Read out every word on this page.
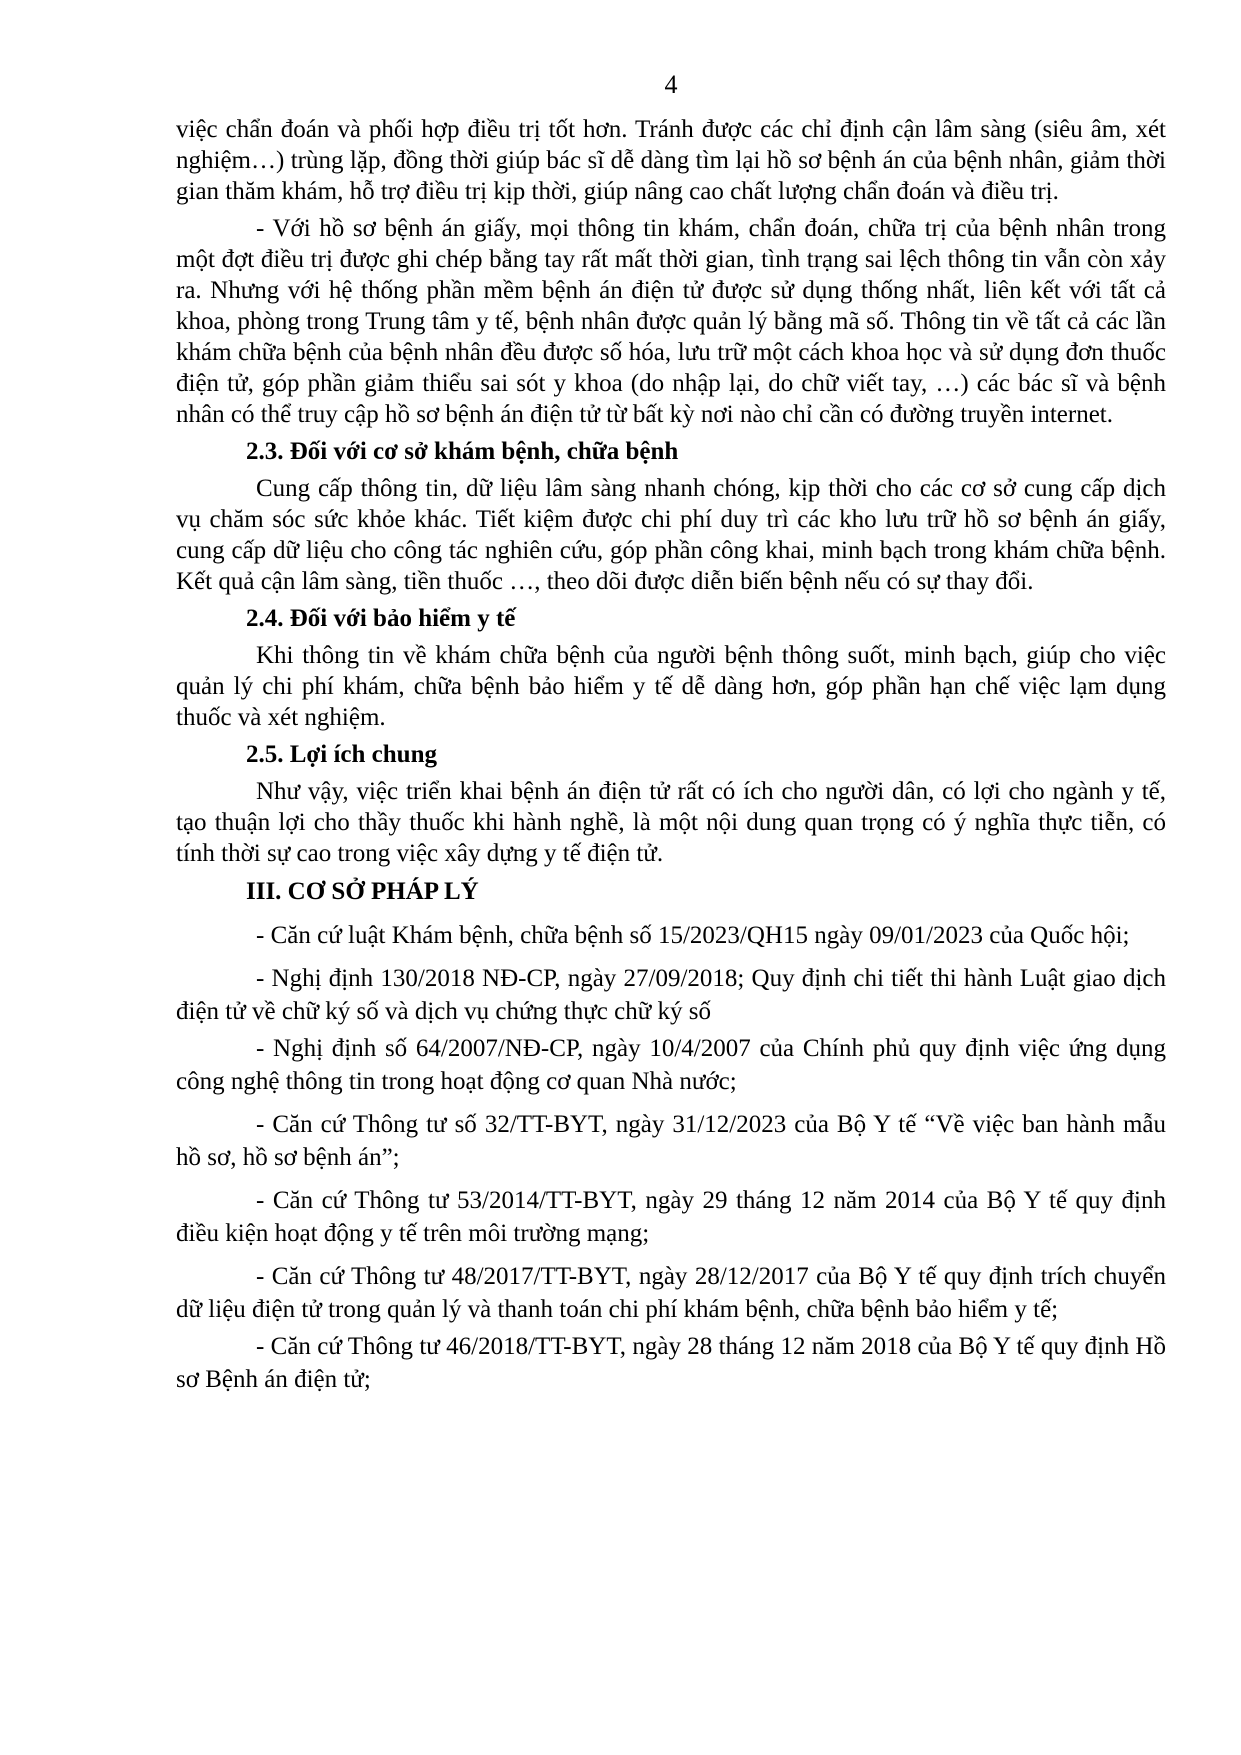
4

việc chẩn đoán và phối hợp điều trị tốt hơn. Tránh được các chỉ định cận lâm sàng (siêu âm, xét nghiệm…) trùng lặp, đồng thời giúp bác sĩ dễ dàng tìm lại hồ sơ bệnh án của bệnh nhân, giảm thời gian thăm khám, hỗ trợ điều trị kịp thời, giúp nâng cao chất lượng chẩn đoán và điều trị.

- Với hồ sơ bệnh án giấy, mọi thông tin khám, chẩn đoán, chữa trị của bệnh nhân trong một đợt điều trị được ghi chép bằng tay rất mất thời gian, tình trạng sai lệch thông tin vẫn còn xảy ra. Nhưng với hệ thống phần mềm bệnh án điện tử được sử dụng thống nhất, liên kết với tất cả khoa, phòng trong Trung tâm y tế, bệnh nhân được quản lý bằng mã số. Thông tin về tất cả các lần khám chữa bệnh của bệnh nhân đều được số hóa, lưu trữ một cách khoa học và sử dụng đơn thuốc điện tử, góp phần giảm thiểu sai sót y khoa (do nhập lại, do chữ viết tay, …) các bác sĩ và bệnh nhân có thể truy cập hồ sơ bệnh án điện tử từ bất kỳ nơi nào chỉ cần có đường truyền internet.

2.3. Đối với cơ sở khám bệnh, chữa bệnh

Cung cấp thông tin, dữ liệu lâm sàng nhanh chóng, kịp thời cho các cơ sở cung cấp dịch vụ chăm sóc sức khỏe khác. Tiết kiệm được chi phí duy trì các kho lưu trữ hồ sơ bệnh án giấy, cung cấp dữ liệu cho công tác nghiên cứu, góp phần công khai, minh bạch trong khám chữa bệnh. Kết quả cận lâm sàng, tiền thuốc …, theo dõi được diễn biến bệnh nếu có sự thay đổi.

2.4. Đối với bảo hiểm y tế

Khi thông tin về khám chữa bệnh của người bệnh thông suốt, minh bạch, giúp cho việc quản lý chi phí khám, chữa bệnh bảo hiểm y tế dễ dàng hơn, góp phần hạn chế việc lạm dụng thuốc và xét nghiệm.

2.5. Lợi ích chung

Như vậy, việc triển khai bệnh án điện tử rất có ích cho người dân, có lợi cho ngành y tế, tạo thuận lợi cho thầy thuốc khi hành nghề, là một nội dung quan trọng có ý nghĩa thực tiễn, có tính thời sự cao trong việc xây dựng y tế điện tử.

III. CƠ SỞ PHÁP LÝ

- Căn cứ luật Khám bệnh, chữa bệnh số 15/2023/QH15 ngày 09/01/2023 của Quốc hội;

- Nghị định 130/2018 NĐ-CP, ngày 27/09/2018; Quy định chi tiết thi hành Luật giao dịch điện tử về chữ ký số và dịch vụ chứng thực chữ ký số

- Nghị định số 64/2007/NĐ-CP, ngày 10/4/2007 của Chính phủ quy định việc ứng dụng công nghệ thông tin trong hoạt động cơ quan Nhà nước;

- Căn cứ Thông tư số 32/TT-BYT, ngày 31/12/2023 của Bộ Y tế “Về việc ban hành mẫu hồ sơ, hồ sơ bệnh án”;

- Căn cứ Thông tư 53/2014/TT-BYT, ngày 29 tháng 12 năm 2014 của Bộ Y tế quy định điều kiện hoạt động y tế trên môi trường mạng;

- Căn cứ Thông tư 48/2017/TT-BYT, ngày 28/12/2017 của Bộ Y tế quy định trích chuyển dữ liệu điện tử trong quản lý và thanh toán chi phí khám bệnh, chữa bệnh bảo hiểm y tế;

- Căn cứ Thông tư 46/2018/TT-BYT, ngày 28 tháng 12 năm 2018 của Bộ Y tế quy định Hồ sơ Bệnh án điện tử;
